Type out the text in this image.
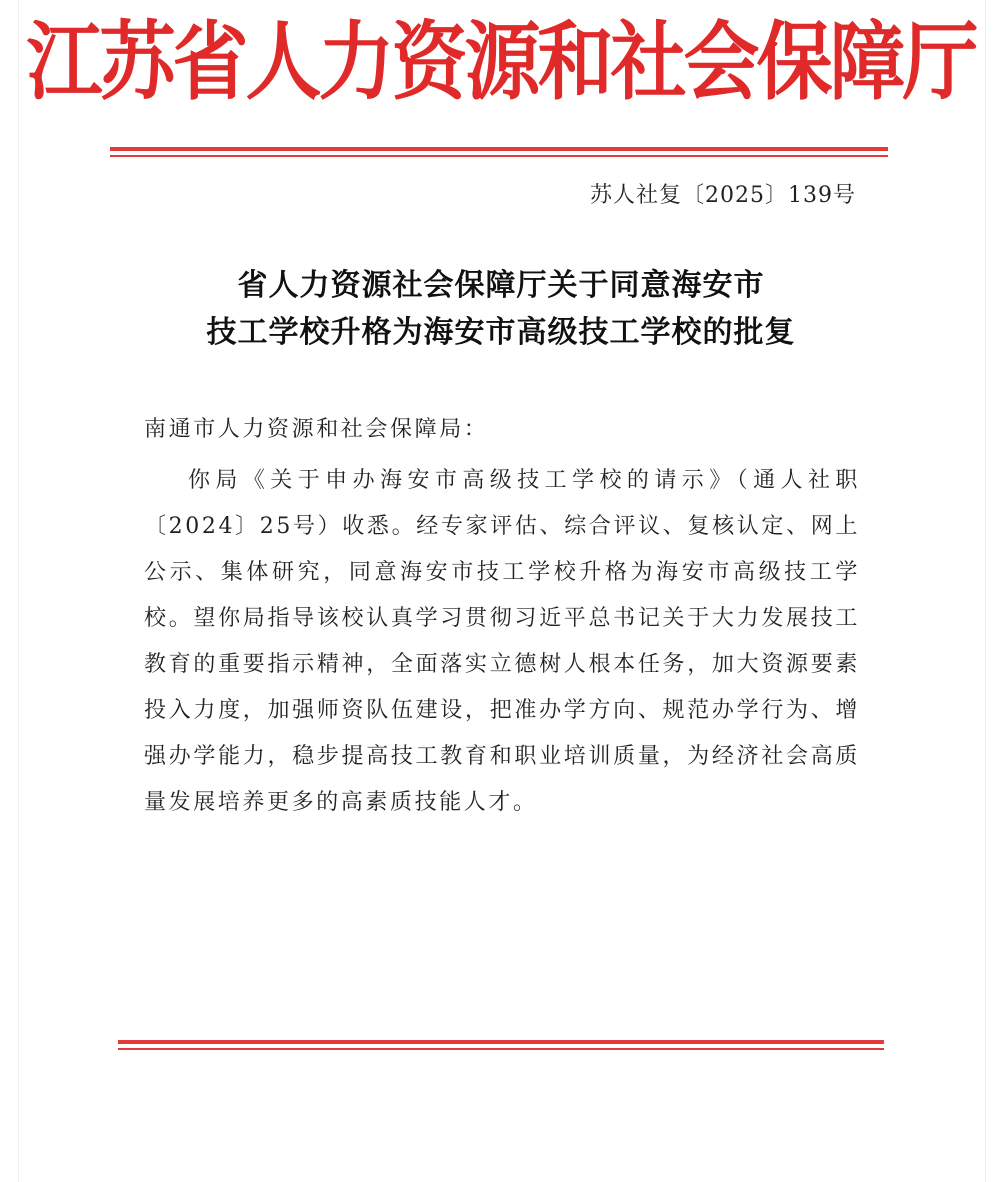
江苏省人力资源和社会保障厅
苏人社复〔2025〕139号
省人力资源社会保障厅关于同意海安市
技工学校升格为海安市高级技工学校的批复
南通市人力资源和社会保障局：
你局《关于申办海安市高级技工学校的请示》（通人社职〔2024〕25号）收悉。经专家评估、综合评议、复核认定、网上公示、集体研究，同意海安市技工学校升格为海安市高级技工学校。望你局指导该校认真学习贯彻习近平总书记关于大力发展技工教育的重要指示精神，全面落实立德树人根本任务，加大资源要素投入力度，加强师资队伍建设，把准办学方向、规范办学行为、增强办学能力，稳步提高技工教育和职业培训质量，为经济社会高质量发展培养更多的高素质技能人才。
